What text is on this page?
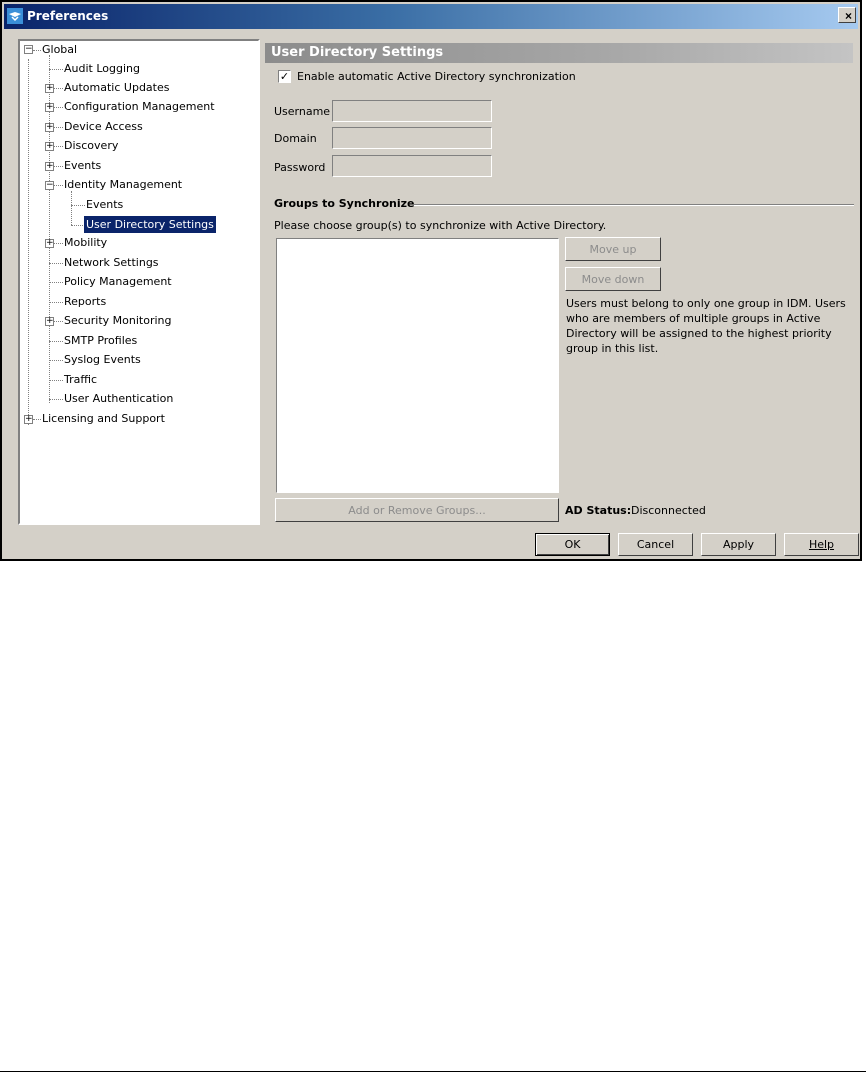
Preferences	×
− Global
Audit Logging
+ Automatic Updates
+ Configuration Management
+ Device Access
+ Discovery
+ Events
− Identity Management
Events
User Directory Settings
+ Mobility
Network Settings
Policy Management
Reports
+ Security Monitoring
SMTP Profiles
Syslog Events
Traffic
User Authentication
+ Licensing and Support
User Directory Settings
✓ Enable automatic Active Directory synchronization
Username
Domain
Password
Groups to Synchronize
Please choose group(s) to synchronize with Active Directory.
Move up
Move down
Users must belong to only one group in IDM. Users who are members of multiple groups in Active Directory will be assigned to the highest priority group in this list.
Add or Remove Groups...	AD Status: Disconnected
OK	Cancel	Apply	Help
